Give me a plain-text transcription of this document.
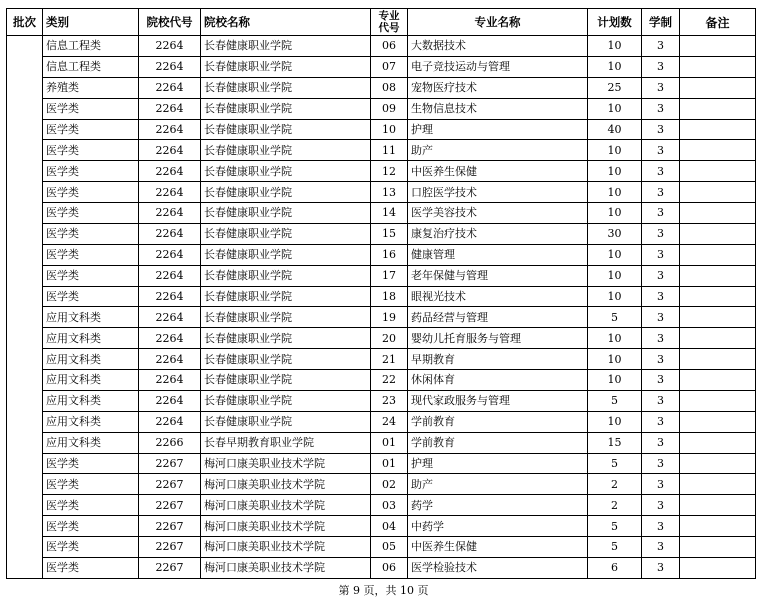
批次	类别	院校代号	院校名称	专业
代号	专业名称	计划数	学制	备注
	信息工程类	2264	长春健康职业学院	06	大数据技术	10	3	
	信息工程类	2264	长春健康职业学院	07	电子竞技运动与管理	10	3	
	养殖类	2264	长春健康职业学院	08	宠物医疗技术	25	3	
	医学类	2264	长春健康职业学院	09	生物信息技术	10	3	
	医学类	2264	长春健康职业学院	10	护理	40	3	
	医学类	2264	长春健康职业学院	11	助产	10	3	
	医学类	2264	长春健康职业学院	12	中医养生保健	10	3	
	医学类	2264	长春健康职业学院	13	口腔医学技术	10	3	
	医学类	2264	长春健康职业学院	14	医学美容技术	10	3	
	医学类	2264	长春健康职业学院	15	康复治疗技术	30	3	
	医学类	2264	长春健康职业学院	16	健康管理	10	3	
	医学类	2264	长春健康职业学院	17	老年保健与管理	10	3	
	医学类	2264	长春健康职业学院	18	眼视光技术	10	3	
	应用文科类	2264	长春健康职业学院	19	药品经营与管理	5	3	
	应用文科类	2264	长春健康职业学院	20	婴幼儿托育服务与管理	10	3	
	应用文科类	2264	长春健康职业学院	21	早期教育	10	3	
	应用文科类	2264	长春健康职业学院	22	休闲体育	10	3	
	应用文科类	2264	长春健康职业学院	23	现代家政服务与管理	5	3	
	应用文科类	2264	长春健康职业学院	24	学前教育	10	3	
	应用文科类	2266	长春早期教育职业学院	01	学前教育	15	3	
	医学类	2267	梅河口康美职业技术学院	01	护理	5	3	
	医学类	2267	梅河口康美职业技术学院	02	助产	2	3	
	医学类	2267	梅河口康美职业技术学院	03	药学	2	3	
	医学类	2267	梅河口康美职业技术学院	04	中药学	5	3	
	医学类	2267	梅河口康美职业技术学院	05	中医养生保健	5	3	
	医学类	2267	梅河口康美职业技术学院	06	医学检验技术	6	3	
第 9 页，共 10 页
